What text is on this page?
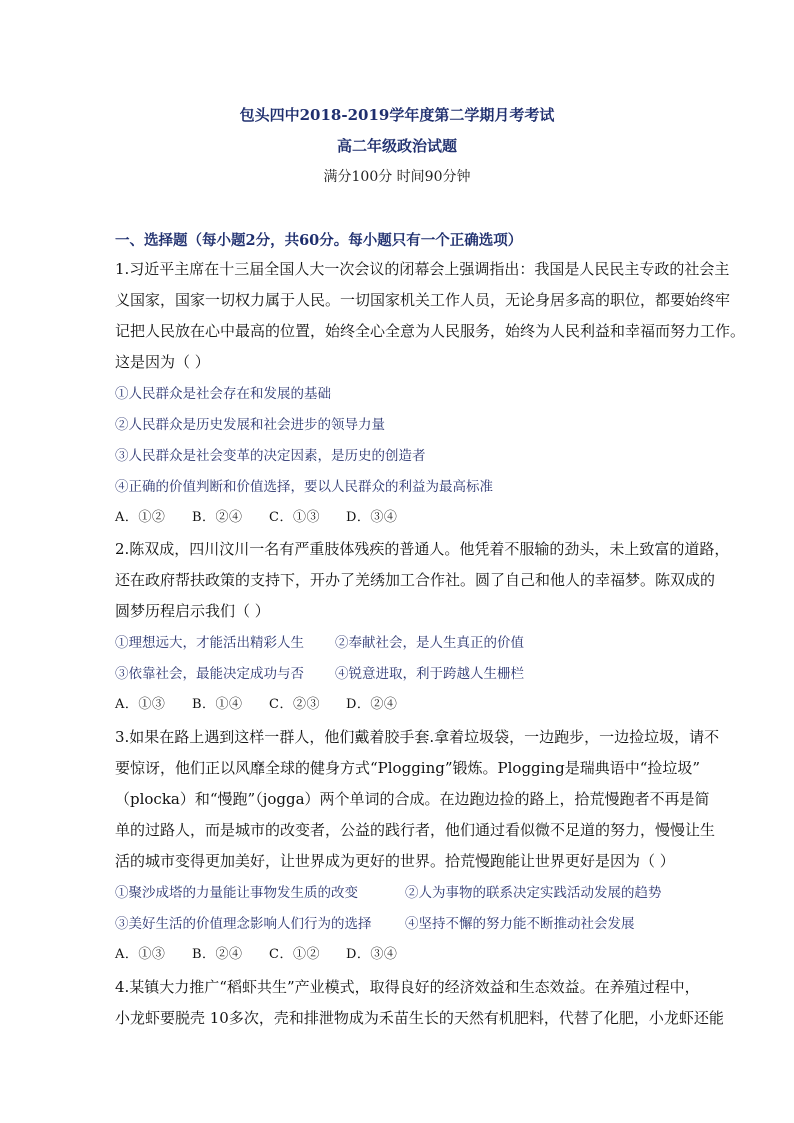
包头四中2018-2019学年度第二学期月考考试
高二年级政治试题
满分100分 时间90分钟
一、选择题（每小题2分，共60分。每小题只有一个正确选项）
1.习近平主席在十三届全国人大一次会议的闭幕会上强调指出：我国是人民民主专政的社会主
义国家，国家一切权力属于人民。一切国家机关工作人员，无论身居多高的职位，都要始终牢
记把人民放在心中最高的位置，始终全心全意为人民服务，始终为人民利益和幸福而努力工作。
这是因为（ ）
①人民群众是社会存在和发展的基础
②人民群众是历史发展和社会进步的领导力量
③人民群众是社会变革的决定因素，是历史的创造者
④正确的价值判断和价值选择，要以人民群众的利益为最高标准
A．①② B．②④ C．①③ D．③④
2.陈双成，四川汶川一名有严重肢体残疾的普通人。他凭着不服输的劲头，未上致富的道路，
还在政府帮扶政策的支持下，开办了羌绣加工合作社。圆了自己和他人的幸福梦。陈双成的
圆梦历程启示我们（ ）
①理想远大，才能活出精彩人生 ②奉献社会，是人生真正的价值
③依靠社会，最能决定成功与否 ④锐意进取，利于跨越人生栅栏
A．①③ B．①④ C．②③ D．②④
3.如果在路上遇到这样一群人，他们戴着胶手套.拿着垃圾袋，一边跑步，一边捡垃圾，请不
要惊讶，他们正以风靡全球的健身方式“Plogging”锻炼。Plogging是瑞典语中“捡垃圾”
（plocka）和“慢跑”（jogga）两个单词的合成。在边跑边捡的路上，拾荒慢跑者不再是简
单的过路人，而是城市的改变者，公益的践行者，他们通过看似微不足道的努力，慢慢让生
活的城市变得更加美好，让世界成为更好的世界。拾荒慢跑能让世界更好是因为（ ）
①聚沙成塔的力量能让事物发生质的改变	②人为事物的联系决定实践活动发展的趋势
③美好生活的价值理念影响人们行为的选择 ④坚持不懈的努力能不断推动社会发展
A．①③ B．②④ C．①② D．③④
4.某镇大力推广“稻虾共生”产业模式，取得良好的经济效益和生态效益。在养殖过程中，
小龙虾要脱壳 10多次，壳和排泄物成为禾苗生长的天然有机肥料，代替了化肥，小龙虾还能
